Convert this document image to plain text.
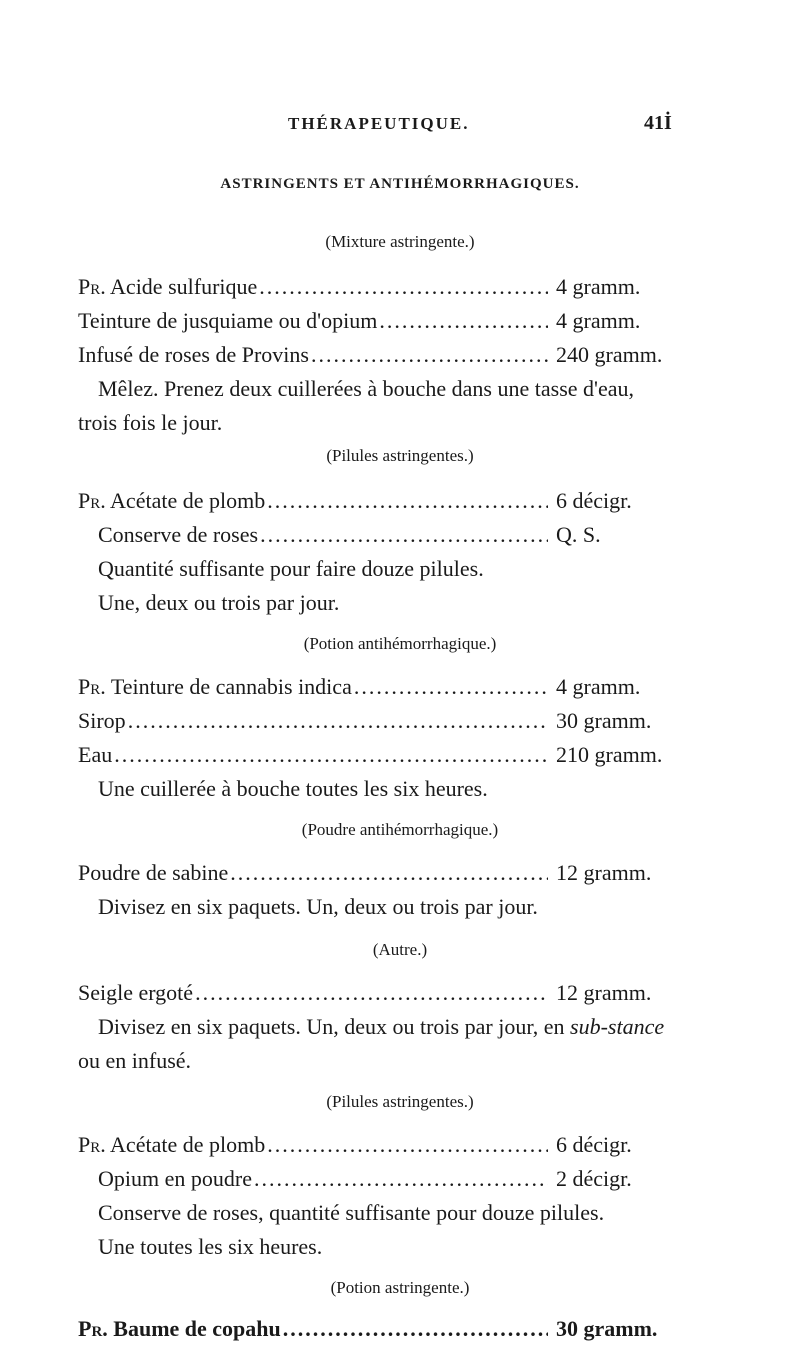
THÉRAPEUTIQUE.	41İ
ASTRINGENTS ET ANTIHÉMORRHAGIQUES.
(Mixture astringente.)
Pr. Acide sulfurique .....	4 gramm.
Teinture de jusquiame ou d'opium .....	4 gramm.
Infusé de roses de Provins .....	240 gramm.
Mêlez. Prenez deux cuillerées à bouche dans une tasse d'eau,
trois fois le jour.
(Pilules astringentes.)
Pr. Acétate de plomb .....	6 décigr.
Conserve de roses .....	Q. S.
Quantité suffisante pour faire douze pilules.
Une, deux ou trois par jour.
(Potion antihémorrhagique.)
Pr. Teinture de cannabis indica .....	4 gramm.
Sirop .....	30 gramm.
Eau .....	210 gramm.
Une cuillerée à bouche toutes les six heures.
(Poudre antihémorrhagique.)
Poudre de sabine .....	12 gramm.
Divisez en six paquets. Un, deux ou trois par jour.
(Autre.)
Seigle ergoté .....	12 gramm.
Divisez en six paquets. Un, deux ou trois par jour, en sub-stance
ou en infusé.
(Pilules astringentes.)
Pr. Acétate de plomb .....	6 décigr.
Opium en poudre .....	2 décigr.
Conserve de roses, quantité suffisante pour douze pilules.
Une toutes les six heures.
(Potion astringente.)
Pr. Baume de copahu .....	30 gramm.
